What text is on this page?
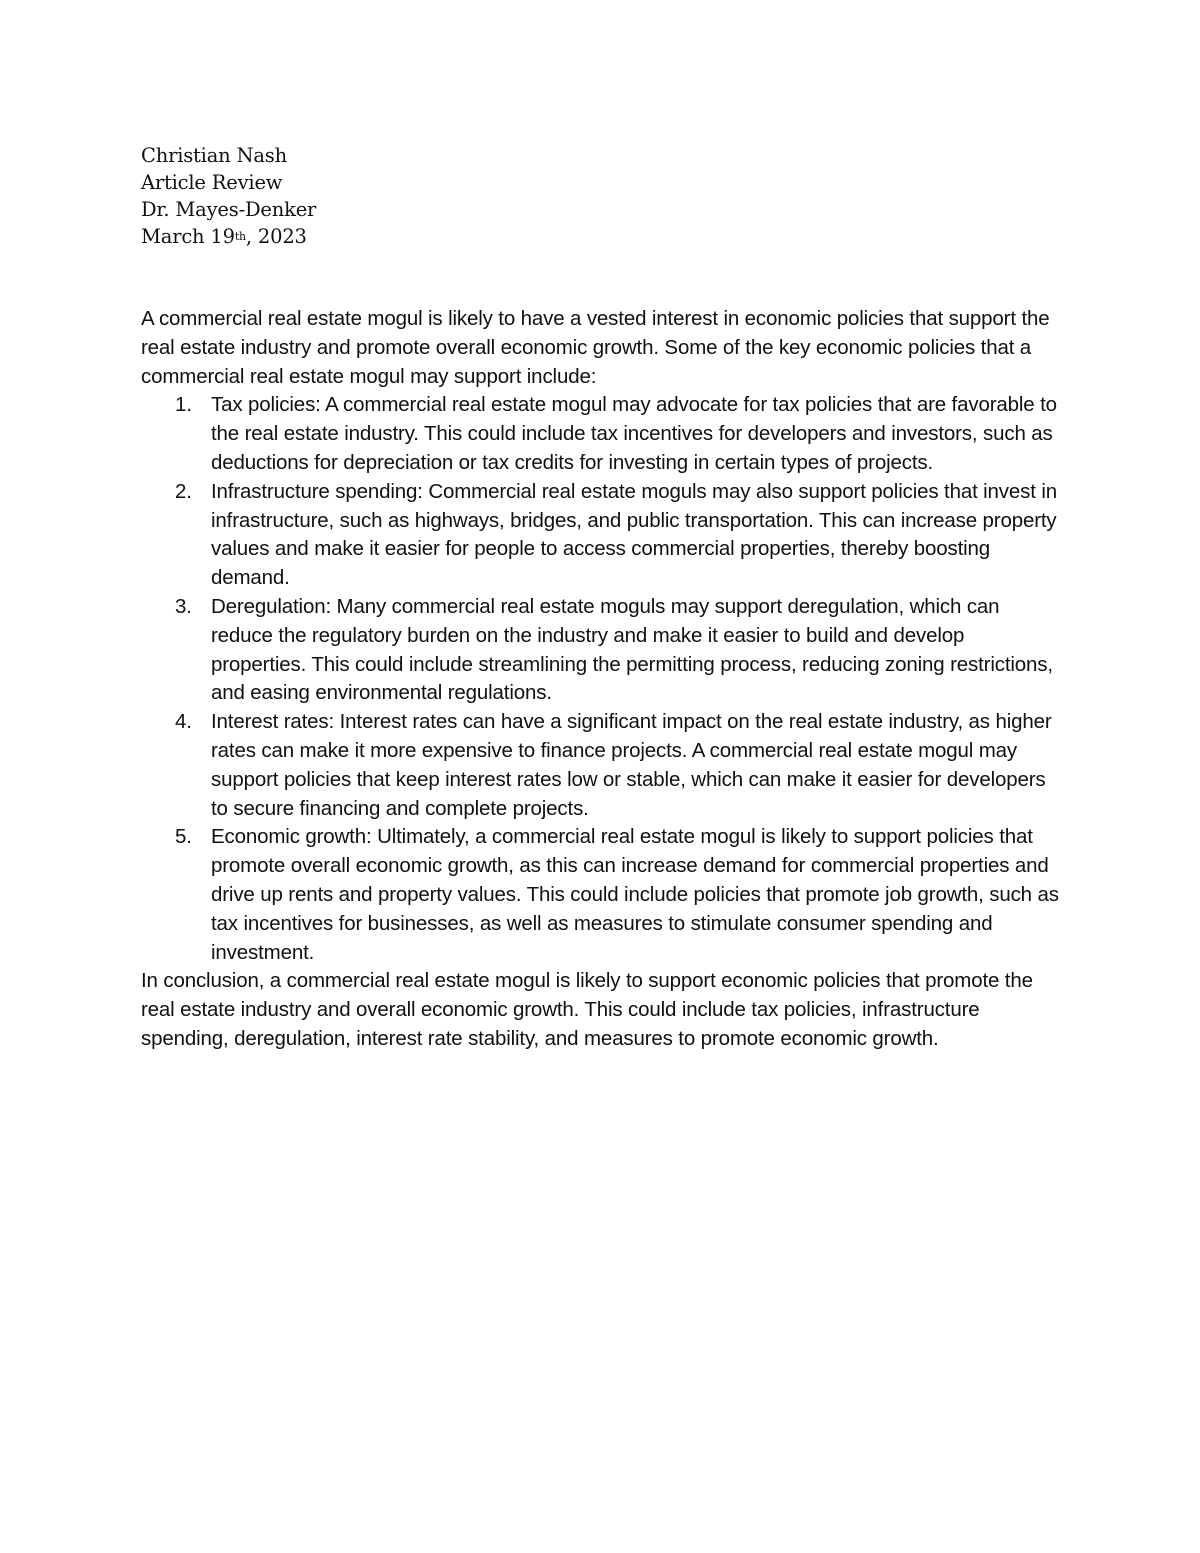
Christian Nash
Article Review
Dr. Mayes-Denker
March 19th, 2023

A commercial real estate mogul is likely to have a vested interest in economic policies that support the real estate industry and promote overall economic growth. Some of the key economic policies that a commercial real estate mogul may support include:

1. Tax policies: A commercial real estate mogul may advocate for tax policies that are favorable to the real estate industry. This could include tax incentives for developers and investors, such as deductions for depreciation or tax credits for investing in certain types of projects.
2. Infrastructure spending: Commercial real estate moguls may also support policies that invest in infrastructure, such as highways, bridges, and public transportation. This can increase property values and make it easier for people to access commercial properties, thereby boosting demand.
3. Deregulation: Many commercial real estate moguls may support deregulation, which can reduce the regulatory burden on the industry and make it easier to build and develop properties. This could include streamlining the permitting process, reducing zoning restrictions, and easing environmental regulations.
4. Interest rates: Interest rates can have a significant impact on the real estate industry, as higher rates can make it more expensive to finance projects. A commercial real estate mogul may support policies that keep interest rates low or stable, which can make it easier for developers to secure financing and complete projects.
5. Economic growth: Ultimately, a commercial real estate mogul is likely to support policies that promote overall economic growth, as this can increase demand for commercial properties and drive up rents and property values. This could include policies that promote job growth, such as tax incentives for businesses, as well as measures to stimulate consumer spending and investment.

In conclusion, a commercial real estate mogul is likely to support economic policies that promote the real estate industry and overall economic growth. This could include tax policies, infrastructure spending, deregulation, interest rate stability, and measures to promote economic growth.
